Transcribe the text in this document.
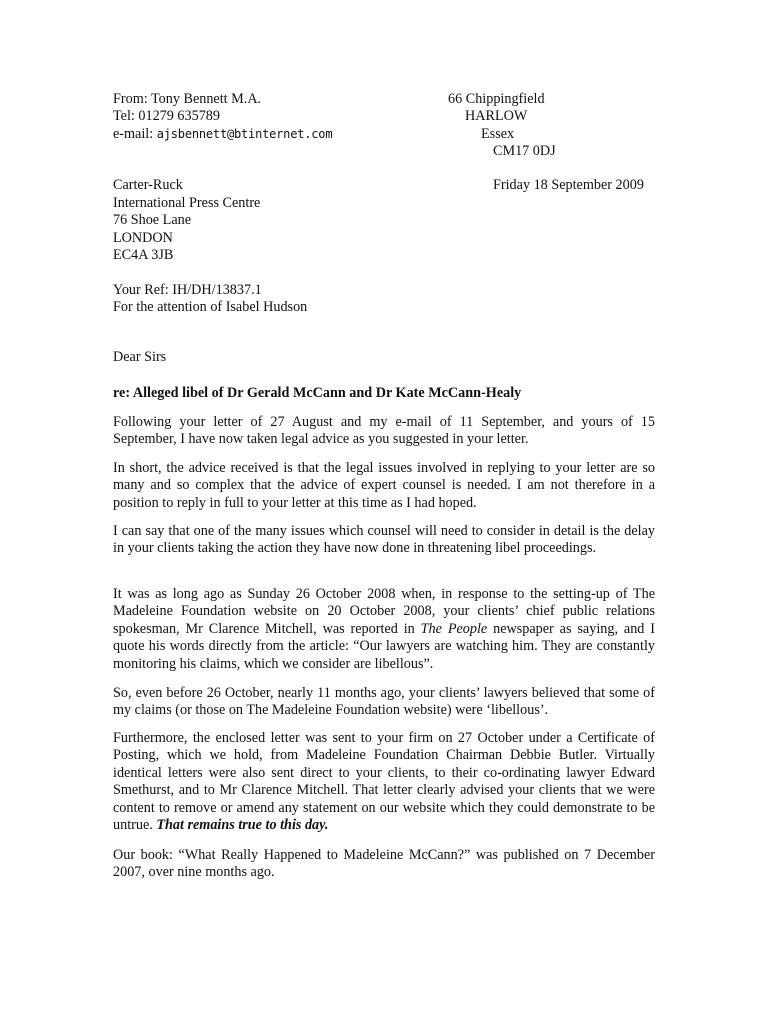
From: Tony Bennett M.A.
Tel: 01279 635789
e-mail: ajsbennett@btinternet.com
66 Chippingfield
HARLOW
Essex
CM17 0DJ
Carter-Ruck
International Press Centre
76 Shoe Lane
LONDON
EC4A 3JB
Friday 18 September 2009
Your Ref: IH/DH/13837.1
For the attention of Isabel Hudson
Dear Sirs
re: Alleged libel of Dr Gerald McCann and Dr Kate McCann-Healy
Following your letter of 27 August and my e-mail of 11 September, and yours of 15 September, I have now taken legal advice as you suggested in your letter.
In short, the advice received is that the legal issues involved in replying to your letter are so many and so complex that the advice of expert counsel is needed. I am not therefore in a position to reply in full to your letter at this time as I had hoped.
I can say that one of the many issues which counsel will need to consider in detail is the delay in your clients taking the action they have now done in threatening libel proceedings.
It was as long ago as Sunday 26 October 2008 when, in response to the setting-up of The Madeleine Foundation website on 20 October 2008, your clients’ chief public relations spokesman, Mr Clarence Mitchell, was reported in The People newspaper as saying, and I quote his words directly from the article: “Our lawyers are watching him. They are constantly monitoring his claims, which we consider are libellous”.
So, even before 26 October, nearly 11 months ago, your clients’ lawyers believed that some of my claims (or those on The Madeleine Foundation website) were ‘libellous’.
Furthermore, the enclosed letter was sent to your firm on 27 October under a Certificate of Posting, which we hold, from Madeleine Foundation Chairman Debbie Butler. Virtually identical letters were also sent direct to your clients, to their co-ordinating lawyer Edward Smethurst, and to Mr Clarence Mitchell. That letter clearly advised your clients that we were content to remove or amend any statement on our website which they could demonstrate to be untrue. That remains true to this day.
Our book: “What Really Happened to Madeleine McCann?” was published on 7 December 2007, over nine months ago.
